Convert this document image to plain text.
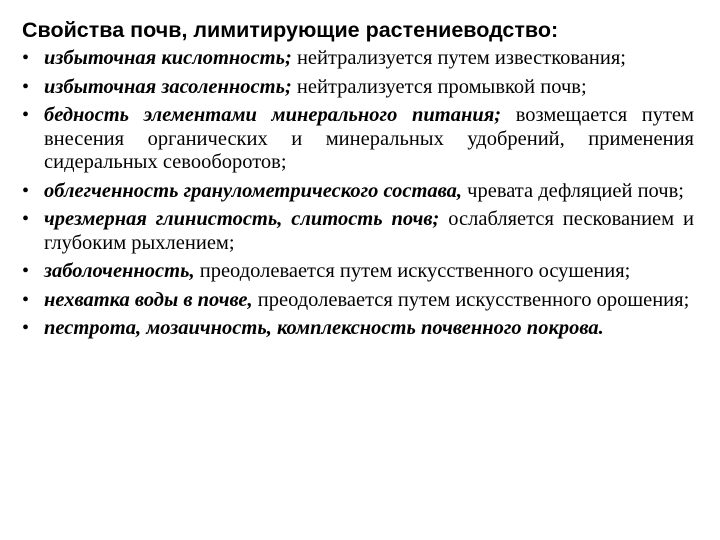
Свойства почв, лимитирующие растениеводство:
• избыточная кислотность; нейтрализуется путем известкования;
• избыточная засоленность; нейтрализуется промывкой почв;
• бедность элементами минерального питания; возмещается путем внесения органических и минеральных удобрений, применения сидеральных севооборотов;
• облегченность гранулометрического состава, чревата дефляцией почв;
• чрезмерная глинистость, слитость почв; ослабляется пескованием и глубоким рыхлением;
• заболоченность, преодолевается путем искусственного осушения;
• нехватка воды в почве, преодолевается путем искусственного орошения;
• пестрота, мозаичность, комплексность почвенного покрова.
